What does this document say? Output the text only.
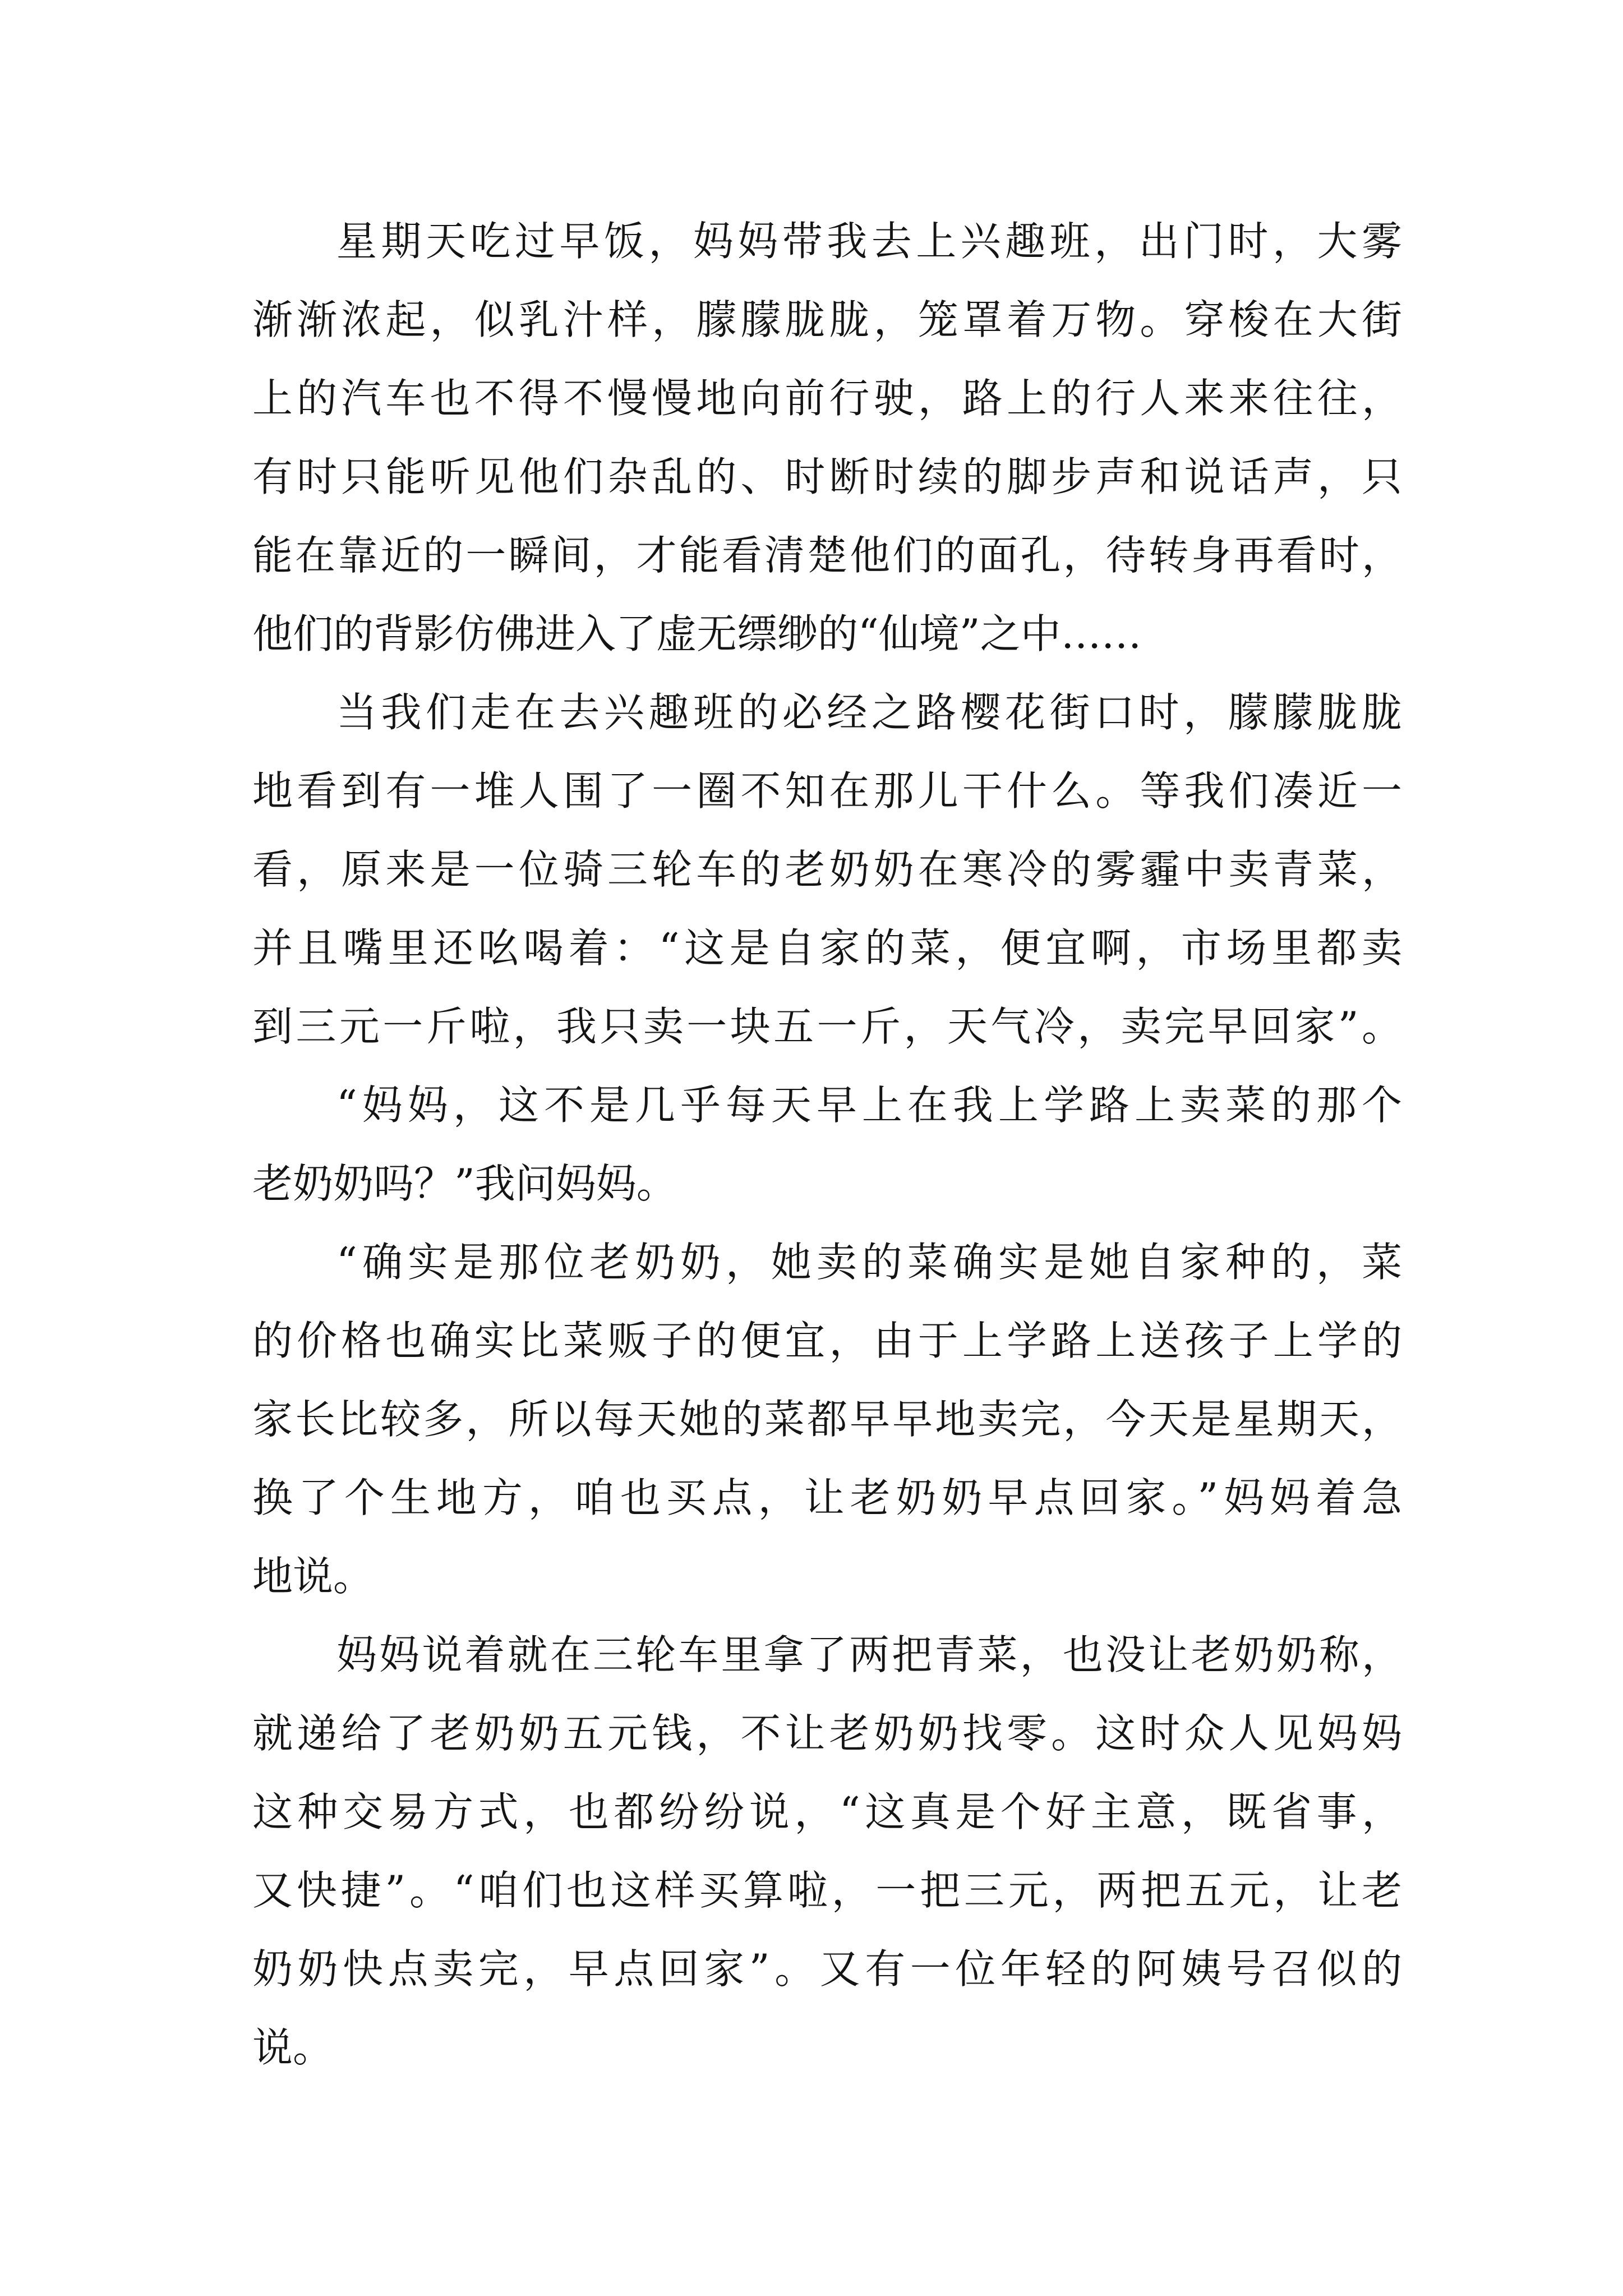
星期天吃过早饭，妈妈带我去上兴趣班，出门时，大雾
渐渐浓起，似乳汁样，朦朦胧胧，笼罩着万物。穿梭在大街
上的汽车也不得不慢慢地向前行驶，路上的行人来来往往，
有时只能听见他们杂乱的、时断时续的脚步声和说话声，只
能在靠近的一瞬间，才能看清楚他们的面孔，待转身再看时，
他们的背影仿佛进入了虚无缥缈的“仙境”之中……
当我们走在去兴趣班的必经之路樱花街口时，朦朦胧胧
地看到有一堆人围了一圈不知在那儿干什么。等我们凑近一
看，原来是一位骑三轮车的老奶奶在寒冷的雾霾中卖青菜，
并且嘴里还吆喝着：“这是自家的菜，便宜啊，市场里都卖
到三元一斤啦，我只卖一块五一斤，天气冷，卖完早回家”。
“妈妈，这不是几乎每天早上在我上学路上卖菜的那个
老奶奶吗？”我问妈妈。
“确实是那位老奶奶，她卖的菜确实是她自家种的，菜
的价格也确实比菜贩子的便宜，由于上学路上送孩子上学的
家长比较多，所以每天她的菜都早早地卖完，今天是星期天，
换了个生地方，咱也买点，让老奶奶早点回家。”妈妈着急
地说。
妈妈说着就在三轮车里拿了两把青菜，也没让老奶奶称，
就递给了老奶奶五元钱，不让老奶奶找零。这时众人见妈妈
这种交易方式，也都纷纷说，“这真是个好主意，既省事，
又快捷”。“咱们也这样买算啦，一把三元，两把五元，让老
奶奶快点卖完，早点回家”。又有一位年轻的阿姨号召似的
说。
